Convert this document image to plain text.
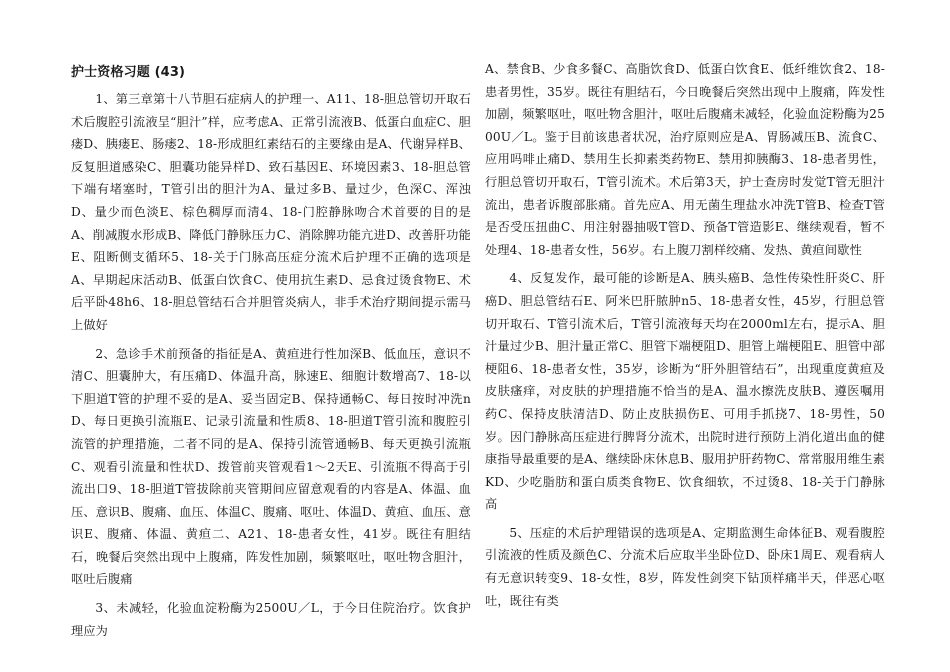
护士资格习题 (43)

1、第三章第十八节胆石症病人的护理一、A11、18-胆总管切开取石术后腹腔引流液呈“胆汁”样，应考虑A、正常引流液B、低蛋白血症C、胆瘘D、胰瘘E、肠瘘2、18-形成胆红素结石的主要缘由是A、代谢异样B、反复胆道感染C、胆囊功能异样D、致石基因E、环境因素3、18-胆总管下端有堵塞时，T管引出的胆汁为A、量过多B、量过少，色深C、浑浊D、量少而色淡E、棕色稠厚而清4、18-门腔静脉吻合术首要的目的是A、削减腹水形成B、降低门静脉压力C、消除脾功能亢进D、改善肝功能E、阻断侧支循环5、18-关于门脉高压症分流术后护理不正确的选项是A、早期起床活动B、低蛋白饮食C、使用抗生素D、忌食过烫食物E、术后平卧48h6、18-胆总管结石合并胆管炎病人，非手术治疗期间提示需马上做好

2、急诊手术前预备的指征是A、黄疸进行性加深B、低血压，意识不清C、胆囊肿大，有压痛D、体温升高，脉速E、细胞计数增高7、18-以下胆道T管的护理不妥的是A、妥当固定B、保持通畅C、每日按时冲洗nD、每日更换引流瓶E、记录引流量和性质8、18-胆道T管引流和腹腔引流管的护理措施，二者不同的是A、保持引流管通畅B、每天更换引流瓶C、观看引流量和性状D、拨管前夹管观看1～2天E、引流瓶不得高于引流出口9、18-胆道T管拔除前夹管期间应留意观看的内容是A、体温、血压、意识B、腹痛、血压、体温C、腹痛、呕吐、体温D、黄疸、血压、意识E、腹痛、体温、黄疸二、A21、18-患者女性，41岁。既往有胆结石，晚餐后突然出现中上腹痛，阵发性加剧，频繁呕吐，呕吐物含胆汁，呕吐后腹痛

3、未减轻，化验血淀粉酶为2500U／L，于今日住院治疗。饮食护理应为

A、禁食B、少食多餐C、高脂饮食D、低蛋白饮食E、低纤维饮食2、18-患者男性，35岁。既往有胆结石，今日晚餐后突然出现中上腹痛，阵发性加剧，频繁呕吐，呕吐物含胆汁，呕吐后腹痛未减轻，化验血淀粉酶为2500U／L。鉴于目前该患者状况，治疗原则应是A、胃肠减压B、流食C、应用吗啡止痛D、禁用生长抑素类药物E、禁用抑胰酶3、18-患者男性，行胆总管切开取石，T管引流术。术后第3天，护士查房时发觉T管无胆汁流出，患者诉腹部胀痛。首先应A、用无菌生理盐水冲洗T管B、检查T管是否受压扭曲C、用注射器抽吸T管D、预备T管造影E、继续观看，暂不处理4、18-患者女性，56岁。右上腹刀割样绞痛、发热、黄疸间歇性

4、反复发作，最可能的诊断是A、胰头癌B、急性传染性肝炎C、肝癌D、胆总管结石E、阿米巴肝脓肿n5、18-患者女性，45岁，行胆总管切开取石、T管引流术后，T管引流液每天均在2000ml左右，提示A、胆汁量过少B、胆汁量正常C、胆管下端梗阻D、胆管上端梗阻E、胆管中部梗阻6、18-患者女性，35岁，诊断为“肝外胆管结石”，出现重度黄疸及皮肤瘙痒，对皮肤的护理措施不恰当的是A、温水擦洗皮肤B、遵医嘱用药C、保持皮肤清洁D、防止皮肤损伤E、可用手抓挠7、18-男性，50岁。因门静脉高压症进行脾肾分流术，出院时进行预防上消化道出血的健康指导最重要的是A、继续卧床休息B、服用护肝药物C、常常服用维生素KD、少吃脂肪和蛋白质类食物E、饮食细软，不过烫8、18-关于门静脉高

5、压症的术后护理错误的选项是A、定期监测生命体征B、观看腹腔引流液的性质及颜色C、分流术后应取半坐卧位D、卧床1周E、观看病人有无意识转变9、18-女性，8岁，阵发性剑突下钻顶样痛半天，伴恶心呕吐，既往有类
